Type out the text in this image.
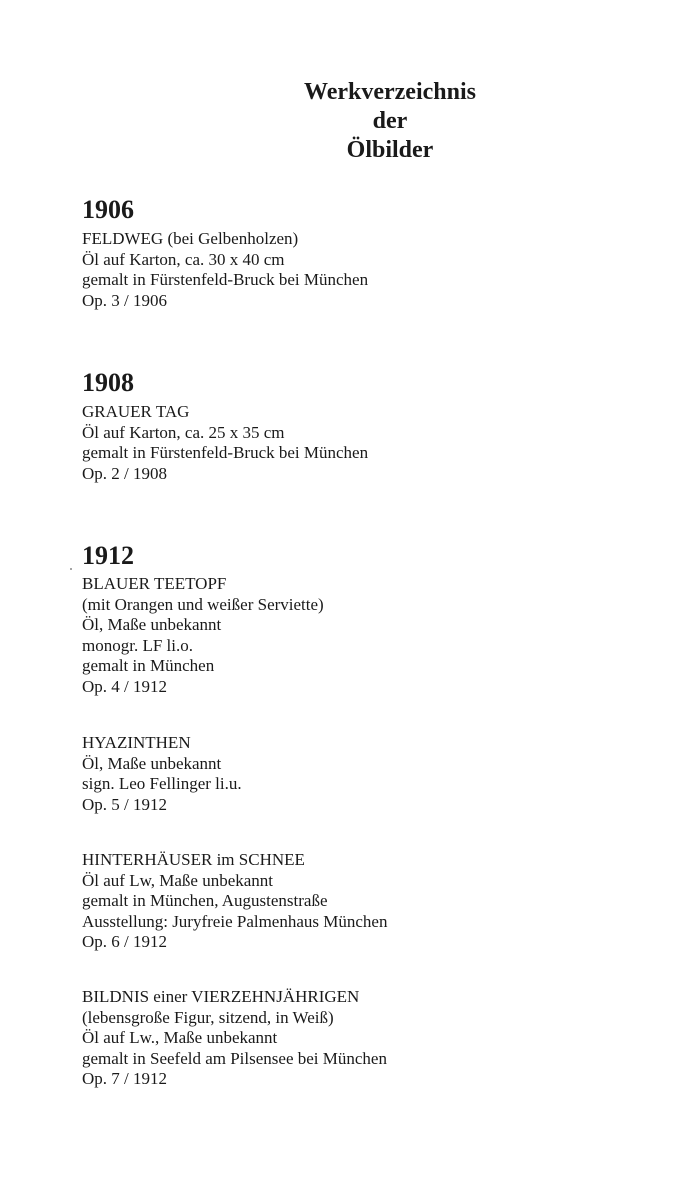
Werkverzeichnis
der
Ölbilder
1906
FELDWEG (bei Gelbenholzen)
Öl auf Karton, ca. 30 x 40 cm
gemalt in Fürstenfeld-Bruck bei München
Op. 3 / 1906
1908
GRAUER TAG
Öl auf Karton, ca. 25 x 35 cm
gemalt in Fürstenfeld-Bruck bei München
Op. 2 / 1908
1912
BLAUER TEETOPF
(mit Orangen und weißer Serviette)
Öl, Maße unbekannt
monogr. LF li.o.
gemalt in München
Op. 4 / 1912
HYAZINTHEN
Öl, Maße unbekannt
sign. Leo Fellinger li.u.
Op. 5 / 1912
HINTERHÄUSER im SCHNEE
Öl auf Lw, Maße unbekannt
gemalt in München, Augustenstraße
Ausstellung: Juryfreie Palmenhaus München
Op. 6 / 1912
BILDNIS einer VIERZEHNJÄHRIGEN
(lebensgroße Figur, sitzend, in Weiß)
Öl auf Lw., Maße unbekannt
gemalt in Seefeld am Pilsensee bei München
Op. 7 / 1912
